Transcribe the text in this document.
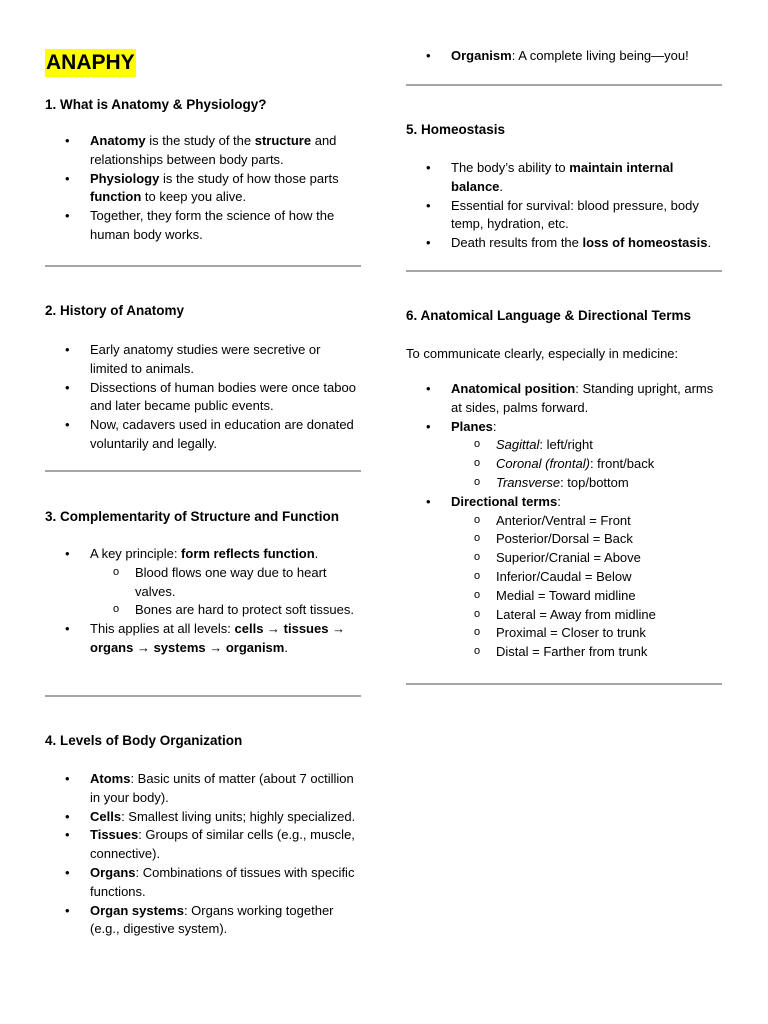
ANAPHY

1. What is Anatomy & Physiology?

• Anatomy is the study of the structure and relationships between body parts.
• Physiology is the study of how those parts function to keep you alive.
• Together, they form the science of how the human body works.

2. History of Anatomy

• Early anatomy studies were secretive or limited to animals.
• Dissections of human bodies were once taboo and later became public events.
• Now, cadavers used in education are donated voluntarily and legally.

3. Complementarity of Structure and Function

• A key principle: form reflects function.
o Blood flows one way due to heart valves.
o Bones are hard to protect soft tissues.
• This applies at all levels: cells → tissues → organs → systems → organism.

4. Levels of Body Organization

• Atoms: Basic units of matter (about 7 octillion in your body).
• Cells: Smallest living units; highly specialized.
• Tissues: Groups of similar cells (e.g., muscle, connective).
• Organs: Combinations of tissues with specific functions.
• Organ systems: Organs working together (e.g., digestive system).
• Organism: A complete living being—you!

5. Homeostasis

• The body’s ability to maintain internal balance.
• Essential for survival: blood pressure, body temp, hydration, etc.
• Death results from the loss of homeostasis.

6. Anatomical Language & Directional Terms

To communicate clearly, especially in medicine:

• Anatomical position: Standing upright, arms at sides, palms forward.
• Planes:
o Sagittal: left/right
o Coronal (frontal): front/back
o Transverse: top/bottom
• Directional terms:
o Anterior/Ventral = Front
o Posterior/Dorsal = Back
o Superior/Cranial = Above
o Inferior/Caudal = Below
o Medial = Toward midline
o Lateral = Away from midline
o Proximal = Closer to trunk
o Distal = Farther from trunk
